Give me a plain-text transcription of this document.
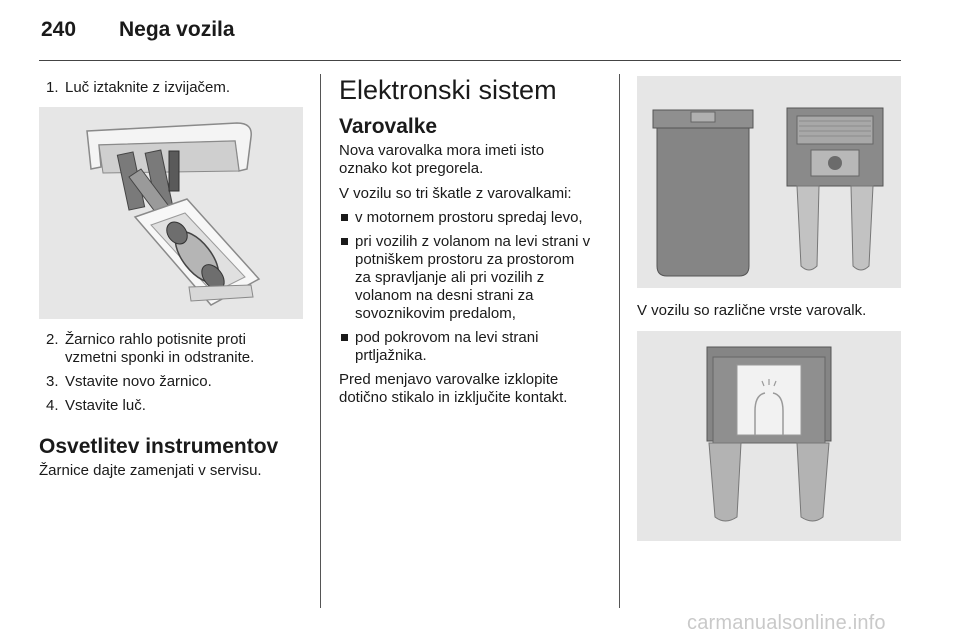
240 Nega vozila
1. Luč iztaknite z izvijačem.
2. Žarnico rahlo potisnite proti
vzmetni sponki in odstranite.
3. Vstavite novo žarnico.
4. Vstavite luč.
Osvetlitev instrumentov

Žarnice dajte zamenjati v servisu.

Elektronski sistem
Varovalke

Nova varovalka mora imeti isto
oznako kot pregorela.

V vozilu so tri škatle z varovalkami:

v motornem prostoru spredaj levo,
pri vozilih z volanom na levi strani v
potniškem prostoru za prostorom
za spravljanje ali pri vozilih z
volanom na desni strani za
sovoznikovim predalom,
pod pokrovom na levi strani
prtljažnika.

Pred menjavo varovalke izklopite
dotično stikalo in izključite kontakt.

V vozilu so različne vrste varovalk.

carmanualsonline.info
